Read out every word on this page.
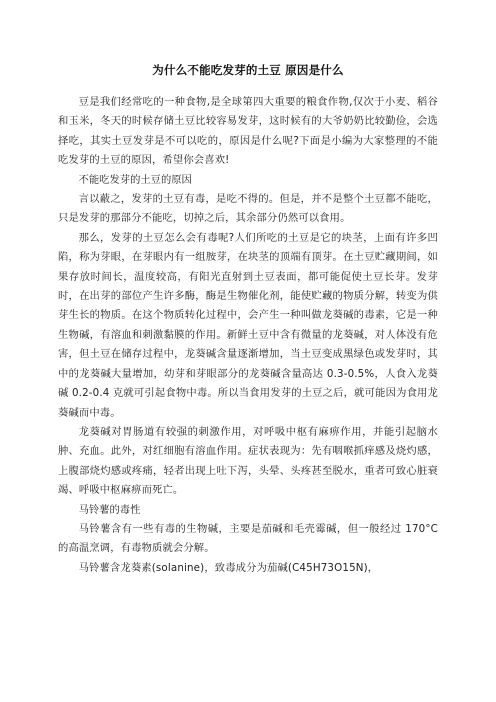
为什么不能吃发芽的土豆 原因是什么

豆是我们经常吃的一种食物,是全球第四大重要的粮食作物,仅次于小麦、稻谷和玉米，冬天的时候存储土豆比较容易发芽，这时候有的大爷奶奶比较勤俭，会选择吃，其实土豆发芽是不可以吃的，原因是什么呢?下面是小编为大家整理的不能吃发芽的土豆的原因，希望你会喜欢!

不能吃发芽的土豆的原因

言以蔽之，发芽的土豆有毒，是吃不得的。但是，并不是整个土豆都不能吃，只是发芽的那部分不能吃，切掉之后，其余部分仍然可以食用。

那么，发芽的土豆怎么会有毒呢?人们所吃的土豆是它的块茎，上面有许多凹陷，称为芽眼，在芽眼内有一组胺芽，在块茎的顶端有顶芽。在土豆贮藏期间，如果存放时间长，温度较高，有阳光直射到土豆表面，都可能促使土豆长芽。发芽时，在出芽的部位产生许多酶，酶是生物催化剂，能使贮藏的物质分解，转变为供芽生长的物质。在这个物质转化过程中，会产生一种叫做龙葵碱的毒素，它是一种生物碱，有溶血和刺激黏膜的作用。新鲜土豆中含有微量的龙葵碱，对人体没有危害，但土豆在储存过程中，龙葵碱含量逐渐增加，当土豆变成黑绿色或发芽时，其中的龙葵碱大量增加，幼芽和芽眼部分的龙葵碱含量高达 0.3-0.5%，人食入龙葵碱 0.2-0.4 克就可引起食物中毒。所以当食用发芽的土豆之后，就可能因为食用龙葵碱而中毒。

龙葵碱对胃肠道有较强的刺激作用，对呼吸中枢有麻痹作用，并能引起脑水肿、充血。此外，对红细胞有溶血作用。症状表现为：先有咽喉抓痒感及烧灼感，上腹部烧灼感或疼痛，轻者出现上吐下泻，头晕、头疼甚至脱水，重者可致心脏衰竭、呼吸中枢麻痹而死亡。

马铃薯的毒性

马铃薯含有一些有毒的生物碱，主要是茄碱和毛壳霉碱，但一般经过 170°C的高温烹调，有毒物质就会分解。

马铃薯含龙葵素(solanine)，致毒成分为茄碱(C45H73O15N)，
